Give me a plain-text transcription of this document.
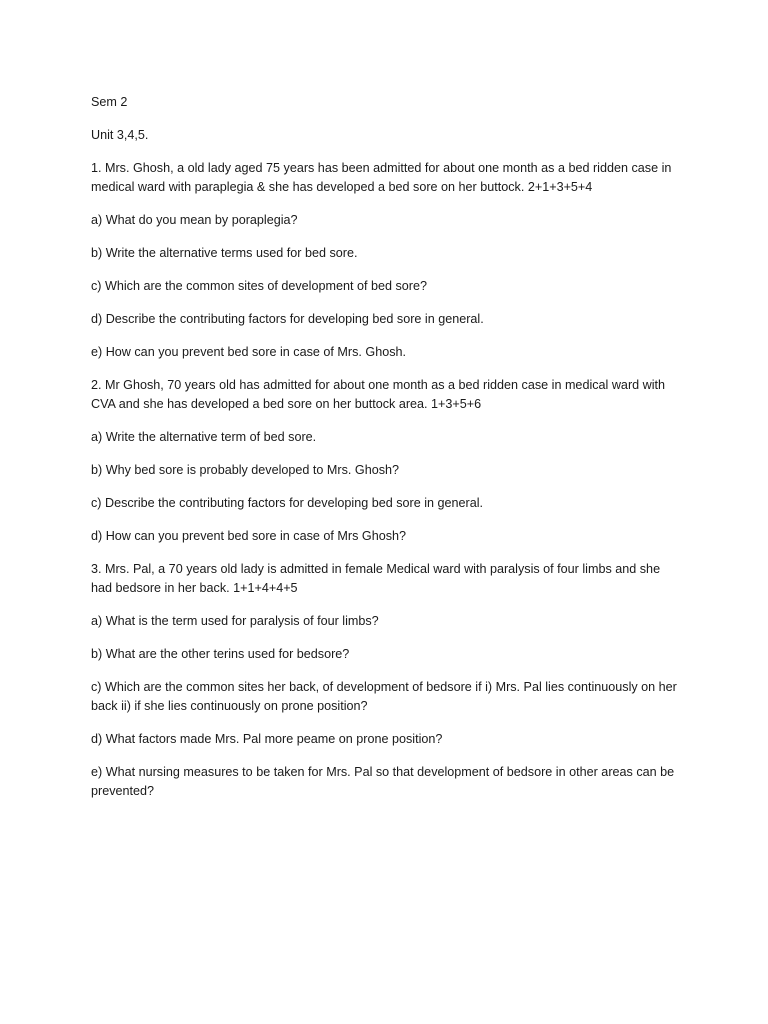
Sem 2

Unit 3,4,5.

1. Mrs. Ghosh, a old lady aged 75 years has been admitted for about one month as a bed ridden case in medical ward with paraplegia & she has developed a bed sore on her buttock. 2+1+3+5+4

a) What do you mean by poraplegia?

b) Write the alternative terms used for bed sore.

c) Which are the common sites of development of bed sore?

d) Describe the contributing factors for developing bed sore in general.

e) How can you prevent bed sore in case of Mrs. Ghosh.

2. Mr Ghosh, 70 years old has admitted for about one month as a bed ridden case in medical ward with CVA and she has developed a bed sore on her buttock area. 1+3+5+6

a) Write the alternative term of bed sore.

b) Why bed sore is probably developed to Mrs. Ghosh?

c) Describe the contributing factors for developing bed sore in general.

d) How can you prevent bed sore in case of Mrs Ghosh?

3. Mrs. Pal, a 70 years old lady is admitted in female Medical ward with paralysis of four limbs and she had bedsore in her back. 1+1+4+4+5

a) What is the term used for paralysis of four limbs?

b) What are the other terins used for bedsore?

c) Which are the common sites her back, of development of bedsore if i) Mrs. Pal lies continuously on her back ii) if she lies continuously on prone position?

d) What factors made Mrs. Pal more peame on prone position?

e) What nursing measures to be taken for Mrs. Pal so that development of bedsore in other areas can be prevented?
